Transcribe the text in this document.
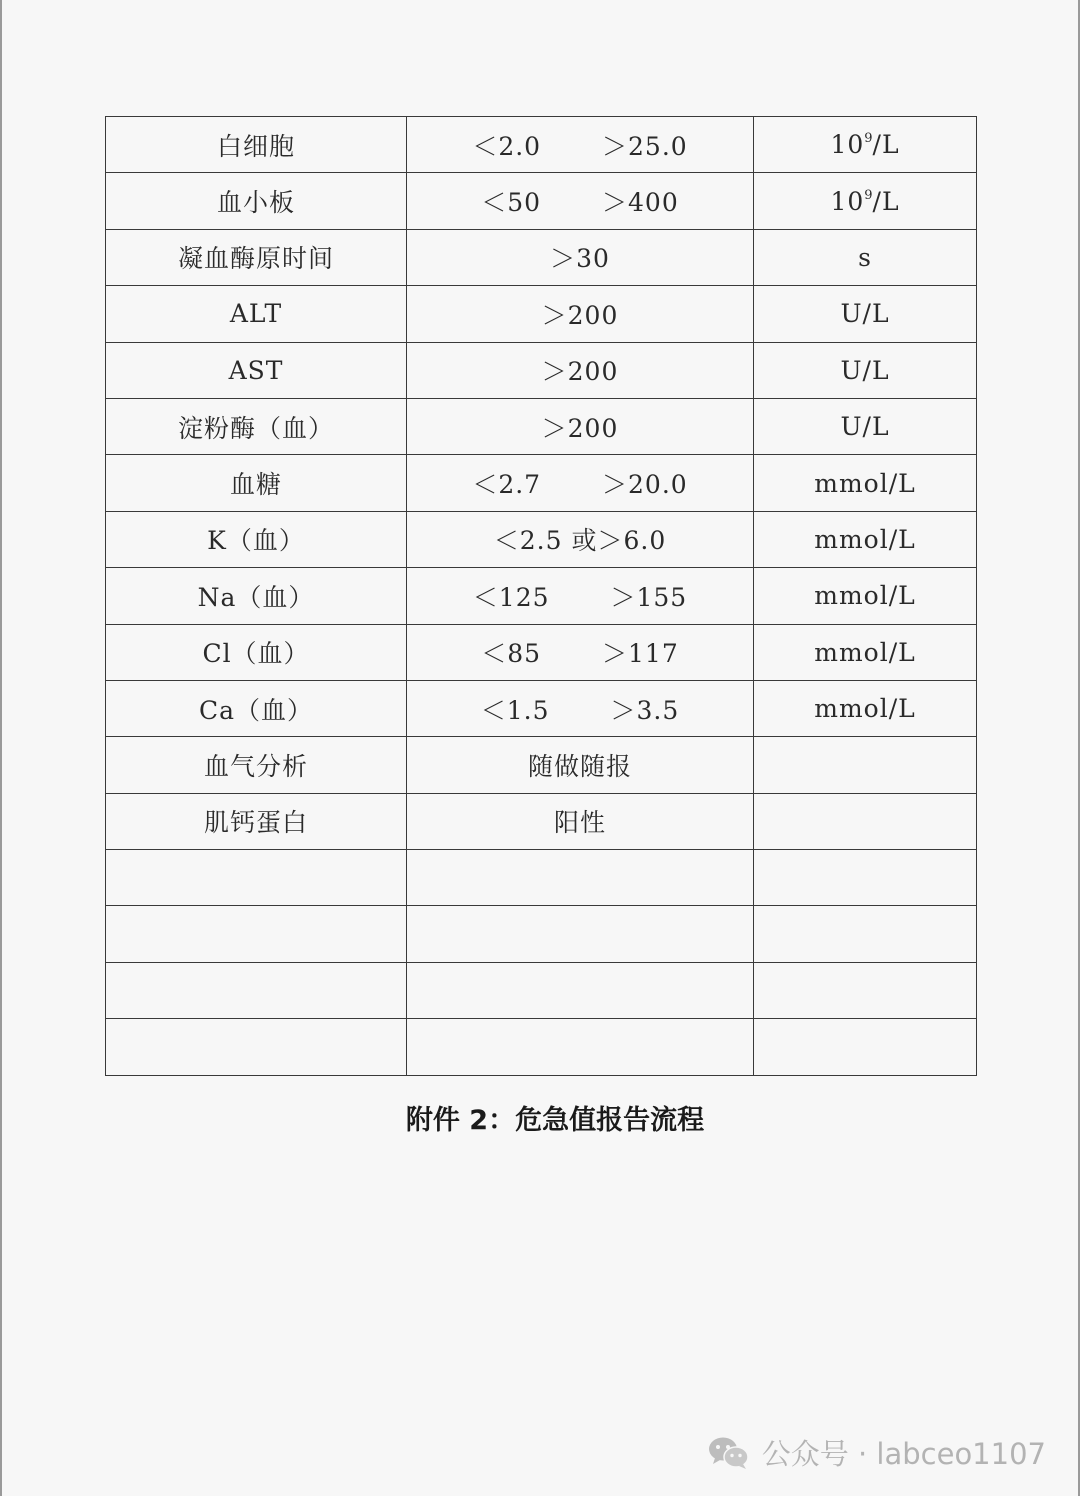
白细胞	＜2.0　　 ＞25.0	$10^9/L$
血小板	＜50　　 ＞400	$10^9/L$
凝血酶原时间	＞30	s
ALT	＞200	U/L
AST	＞200	U/L
淀粉酶（血）	＞200	U/L
血糖	＜2.7　　 ＞20.0	mmol/L
K（血）	＜2.5 或＞6.0	mmol/L
Na（血）	＜125　　 ＞155	mmol/L
Cl（血）	＜85　　 ＞117	mmol/L
Ca（血）	＜1.5　　 ＞3.5	mmol/L
血气分析	随做随报	
肌钙蛋白	阳性	

附件 2：危急值报告流程
公众号 · labceo1107
